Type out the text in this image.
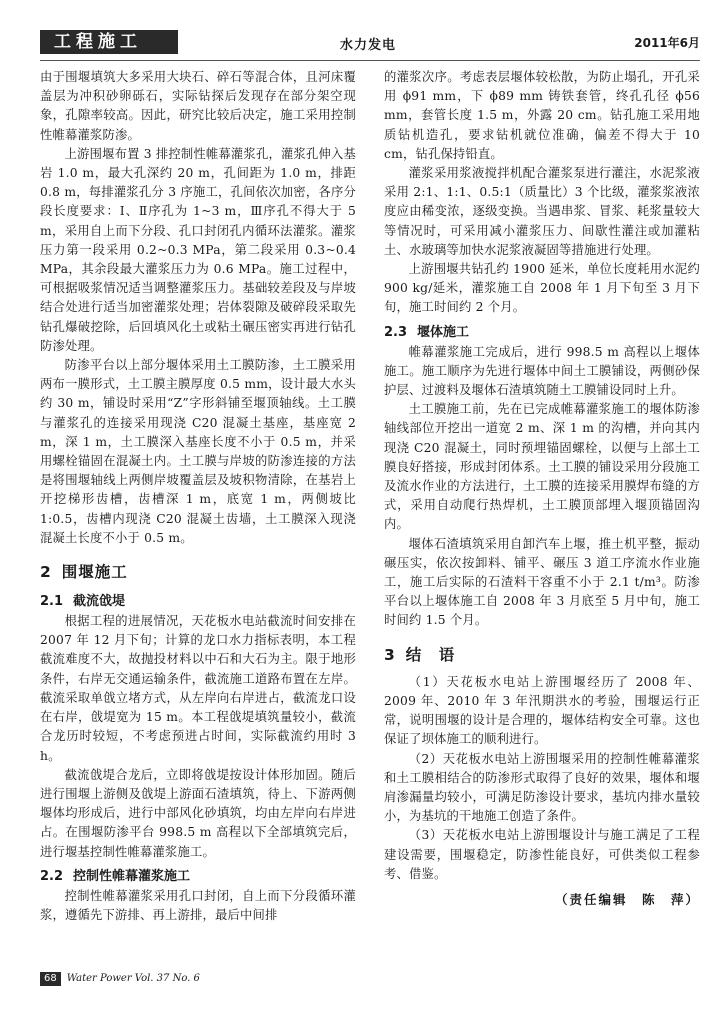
工程施工	水力发电	2011年6月

由于围堰填筑大多采用大块石、碎石等混合体，且河床覆盖层为冲积砂卵砾石，实际钻探后发现存在部分架空现象，孔隙率较高。因此，研究比较后决定，施工采用控制性帷幕灌浆防渗。

上游围堰布置 3 排控制性帷幕灌浆孔，灌浆孔伸入基岩 1.0 m，最大孔深约 20 m，孔间距为 1.0 m，排距 0.8 m，每排灌浆孔分 3 序施工，孔间依次加密，各序分段长度要求：Ⅰ、Ⅱ序孔为 1~3 m，Ⅲ序孔不得大于 5 m，采用自上而下分段、孔口封闭孔内循环法灌浆。灌浆压力第一段采用 0.2~0.3 MPa，第二段采用 0.3~0.4 MPa，其余段最大灌浆压力为 0.6 MPa。施工过程中，可根据吸浆情况适当调整灌浆压力。基础较差段及与岸坡结合处进行适当加密灌浆处理；岩体裂隙及破碎段采取先钻孔爆破挖除，后回填风化土或粘土碾压密实再进行钻孔防渗处理。

防渗平台以上部分堰体采用土工膜防渗，土工膜采用两布一膜形式，土工膜主膜厚度 0.5 mm，设计最大水头约 30 m，铺设时采用“Z”字形斜铺至堰顶轴线。土工膜与灌浆孔的连接采用现浇 C20 混凝土基座，基座宽 2 m，深 1 m，土工膜深入基座长度不小于 0.5 m，并采用螺栓锚固在混凝土内。土工膜与岸坡的防渗连接的方法是将围堰轴线上两侧岸坡覆盖层及坡积物清除，在基岩上开挖梯形齿槽，齿槽深 1 m，底宽 1 m，两侧坡比 1:0.5，齿槽内现浇 C20 混凝土齿墙，土工膜深入现浇混凝土长度不小于 0.5 m。

2 围堰施工
2.1 截流戗堤

根据工程的进展情况，天花板水电站截流时间安排在 2007 年 12 月下旬；计算的龙口水力指标表明，本工程截流难度不大，故抛投材料以中石和大石为主。限于地形条件，右岸无交通运输条件，截流施工道路布置在左岸。截流采取单戗立堵方式，从左岸向右岸进占，截流龙口设在右岸，戗堤宽为 15 m。本工程戗堤填筑量较小，截流合龙历时较短，不考虑预进占时间，实际截流约用时 3 h。

截流戗堤合龙后，立即将戗堤按设计体形加固。随后进行围堰上游侧及戗堤上游面石渣填筑，待上、下游两侧堰体均形成后，进行中部风化砂填筑，均由左岸向右岸进占。在围堰防渗平台 998.5 m 高程以下全部填筑完后，进行堰基控制性帷幕灌浆施工。

2.2 控制性帷幕灌浆施工

控制性帷幕灌浆采用孔口封闭，自上而下分段循环灌浆，遵循先下游排、再上游排，最后中间排

的灌浆次序。考虑表层堰体较松散，为防止塌孔，开孔采用 ϕ91 mm，下 ϕ89 mm 铸铁套管，终孔孔径 ϕ56 mm，套管长度 1.5 m，外露 20 cm。钻孔施工采用地质钻机造孔，要求钻机就位准确，偏差不得大于 10 cm，钻孔保持铅直。

灌浆采用浆液搅拌机配合灌浆泵进行灌注，水泥浆液采用 2:1、1:1、0.5:1（质量比）3 个比级，灌浆浆液浓度应由稀变浓，逐级变换。当遇串浆、冒浆、耗浆量较大等情况时，可采用减小灌浆压力、间歇性灌注或加灌粘土、水玻璃等加快水泥浆液凝固等措施进行处理。

上游围堰共钻孔约 1900 延米，单位长度耗用水泥约 900 kg/延米，灌浆施工自 2008 年 1 月下旬至 3 月下旬，施工时间约 2 个月。

2.3 堰体施工

帷幕灌浆施工完成后，进行 998.5 m 高程以上堰体施工。施工顺序为先进行堰体中间土工膜铺设，两侧砂保护层、过渡料及堰体石渣填筑随土工膜铺设同时上升。

土工膜施工前，先在已完成帷幕灌浆施工的堰体防渗轴线部位开挖出一道宽 2 m、深 1 m 的沟槽，并向其内现浇 C20 混凝土，同时预埋锚固螺栓，以便与上部土工膜良好搭接，形成封闭体系。土工膜的铺设采用分段施工及流水作业的方法进行，土工膜的连接采用膜焊布缝的方式，采用自动爬行热焊机，土工膜顶部埋入堰顶锚固沟内。

堰体石渣填筑采用自卸汽车上堰，推土机平整，振动碾压实，依次按卸料、铺平、碾压 3 道工序流水作业施工，施工后实际的石渣料干容重不小于 2.1 t/m³。防渗平台以上堰体施工自 2008 年 3 月底至 5 月中旬，施工时间约 1.5 个月。

3 结　语

（1）天花板水电站上游围堰经历了 2008 年、2009 年、2010 年 3 年汛期洪水的考验，围堰运行正常，说明围堰的设计是合理的，堰体结构安全可靠。这也保证了坝体施工的顺利进行。

（2）天花板水电站上游围堰采用的控制性帷幕灌浆和土工膜相结合的防渗形式取得了良好的效果，堰体和堰肩渗漏量均较小，可满足防渗设计要求，基坑内排水量较小，为基坑的干地施工创造了条件。

（3）天花板水电站上游围堰设计与施工满足了工程建设需要，围堰稳定，防渗性能良好，可供类似工程参考、借鉴。

（责任编辑　陈　萍）
68 Water Power Vol. 37 No. 6
